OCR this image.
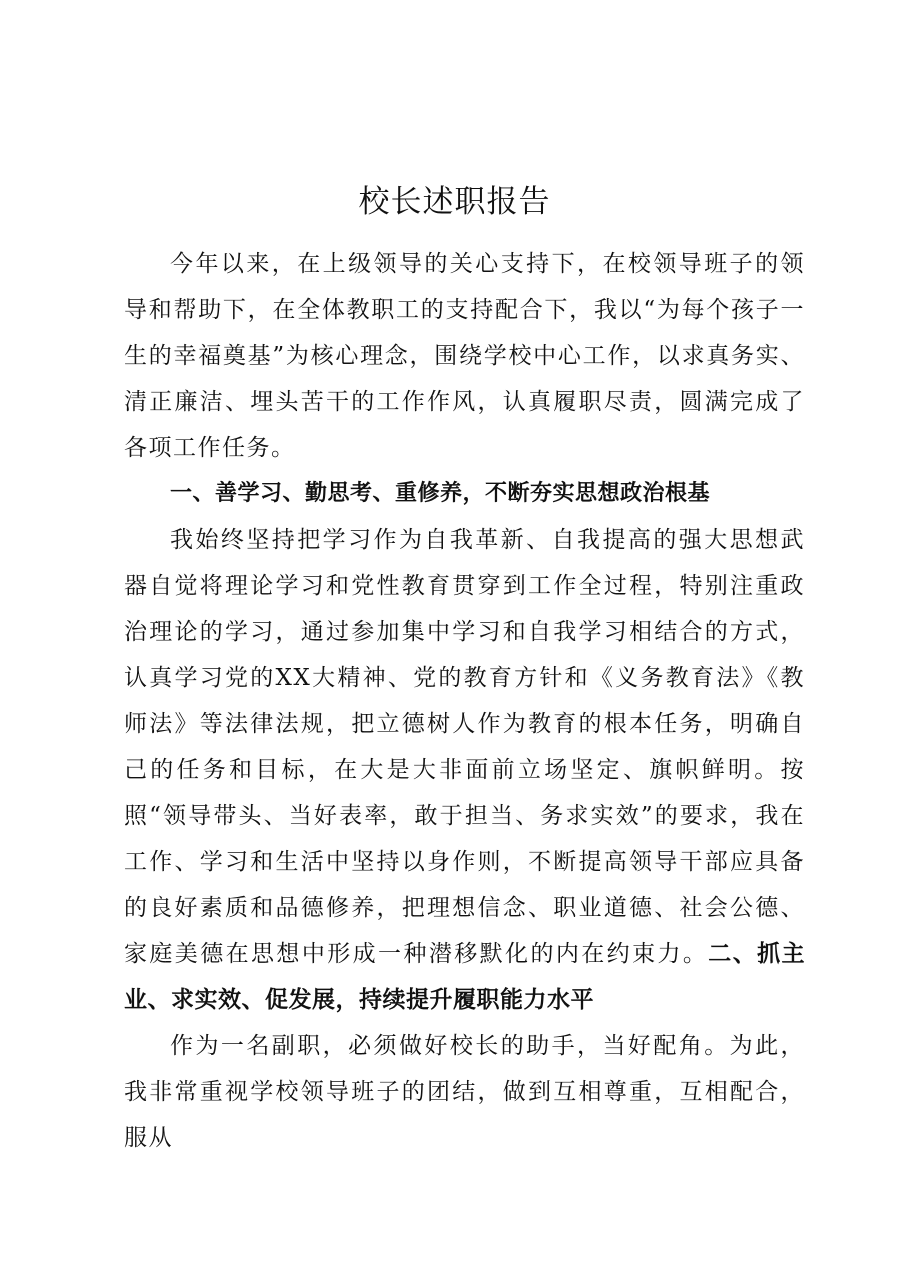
校长述职报告

今年以来，在上级领导的关心支持下，在校领导班子的领导和帮助下，在全体教职工的支持配合下，我以“为每个孩子一生的幸福奠基”为核心理念，围绕学校中心工作，以求真务实、清正廉洁、埋头苦干的工作作风，认真履职尽责，圆满完成了各项工作任务。

一、善学习、勤思考、重修养，不断夯实思想政治根基

我始终坚持把学习作为自我革新、自我提高的强大思想武器自觉将理论学习和党性教育贯穿到工作全过程，特别注重政治理论的学习，通过参加集中学习和自我学习相结合的方式，认真学习党的XX大精神、党的教育方针和《义务教育法》《教师法》等法律法规，把立德树人作为教育的根本任务，明确自己的任务和目标，在大是大非面前立场坚定、旗帜鲜明。按照“领导带头、当好表率，敢于担当、务求实效”的要求，我在工作、学习和生活中坚持以身作则，不断提高领导干部应具备的良好素质和品德修养，把理想信念、职业道德、社会公德、家庭美德在思想中形成一种潜移默化的内在约束力。二、抓主业、求实效、促发展，持续提升履职能力水平

作为一名副职，必须做好校长的助手，当好配角。为此，我非常重视学校领导班子的团结，做到互相尊重，互相配合，服从
